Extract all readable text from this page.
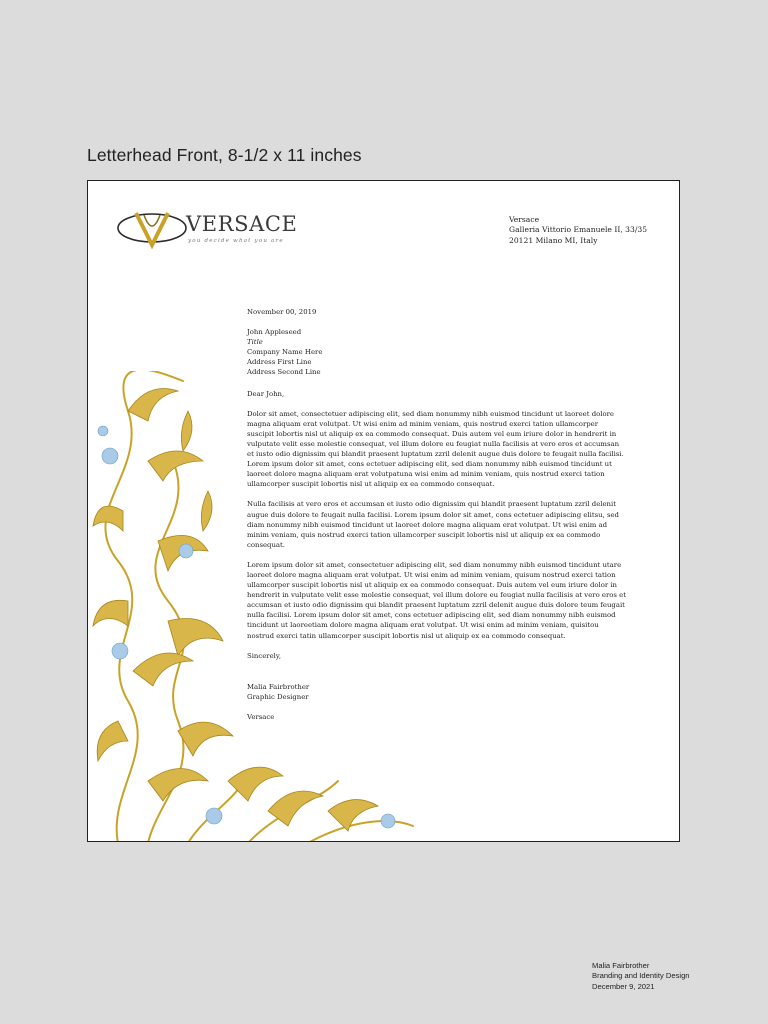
Letterhead Front, 8-1/2 x 11 inches
VERSACE
you decide what you are
Versace
Galleria Vittorio Emanuele II, 33/35
20121 Milano MI, Italy

November 00, 2019

John Appleseed

Title

Company Name Here

Address First Line

Address Second Line

Dear John,

Dolor sit amet, consectetuer adipiscing elit, sed diam nonummy nibh euismod tincidunt ut laoreet dolore magna aliquam erat volutpat. Ut wisi enim ad minim veniam, quis nostrud exerci tation ullamcorper suscipit lobortis nisl ut aliquip ex ea commodo consequat. Duis autem vel eum iriure dolor in hendrerit in vulputate velit esse molestie consequat, vel illum dolore eu feugiat nulla facilisis at vero eros et accumsan et iusto odio dignissim qui blandit praesent luptatum zzril delenit augue duis dolore te feugait nulla facilisi. Lorem ipsum dolor sit amet, cons ectetuer adipiscing elit, sed diam nonummy nibh euismod tincidunt ut laoreet dolore magna aliquam erat volutpatuna wisi enim ad minim veniam, quis nostrud exerci tation ullamcorper suscipit lobortis nisl ut aliquip ex ea commodo consequat.

Nulla facilisis at vero eros et accumsan et iusto odio dignissim qui blandit praesent luptatum zzril delenit augue duis dolore te feugait nulla facilisi. Lorem ipsum dolor sit amet, cons ectetuer adipiscing elitsu, sed diam nonummy nibh euismod tincidunt ut laoreet dolore magna aliquam erat volutpat. Ut wisi enim ad minim veniam, quis nostrud exerci tation ullamcorper suscipit lobortis nisl ut aliquip ex ea commodo consequat.

Lorem ipsum dolor sit amet, consectetuer adipiscing elit, sed diam nonummy nibh euismod tincidunt utare laoreet dolore magna aliquam erat volutpat. Ut wisi enim ad minim veniam, quisum nostrud exerci tation ullamcorper suscipit lobortis nisl ut aliquip ex ea commodo consequat. Duis autem vel eum iriure dolor in hendrerit in vulputate velit esse molestie consequat, vel illum dolore eu feugiat nulla facilisis at vero eros et accumsan et iusto odio dignissim qui blandit praesent luptatum zzril delenit augue duis dolore teum feugait nulla facilisi. Lorem ipsum dolor sit amet, cons ectetuer adipiscing elit, sed diam nonummy nibh euismod tincidunt ut laoreetiam dolore magna aliquam erat volutpat. Ut wisi enim ad minim veniam, quisitou nostrud exerci tatin ullamcorper suscipit lobortis nisl ut aliquip ex ea commodo consequat.

Sincerely,

Malia Fairbrother

Graphic Designer

Versace

Malia Fairbrother
Branding and Identity Design
December 9, 2021
